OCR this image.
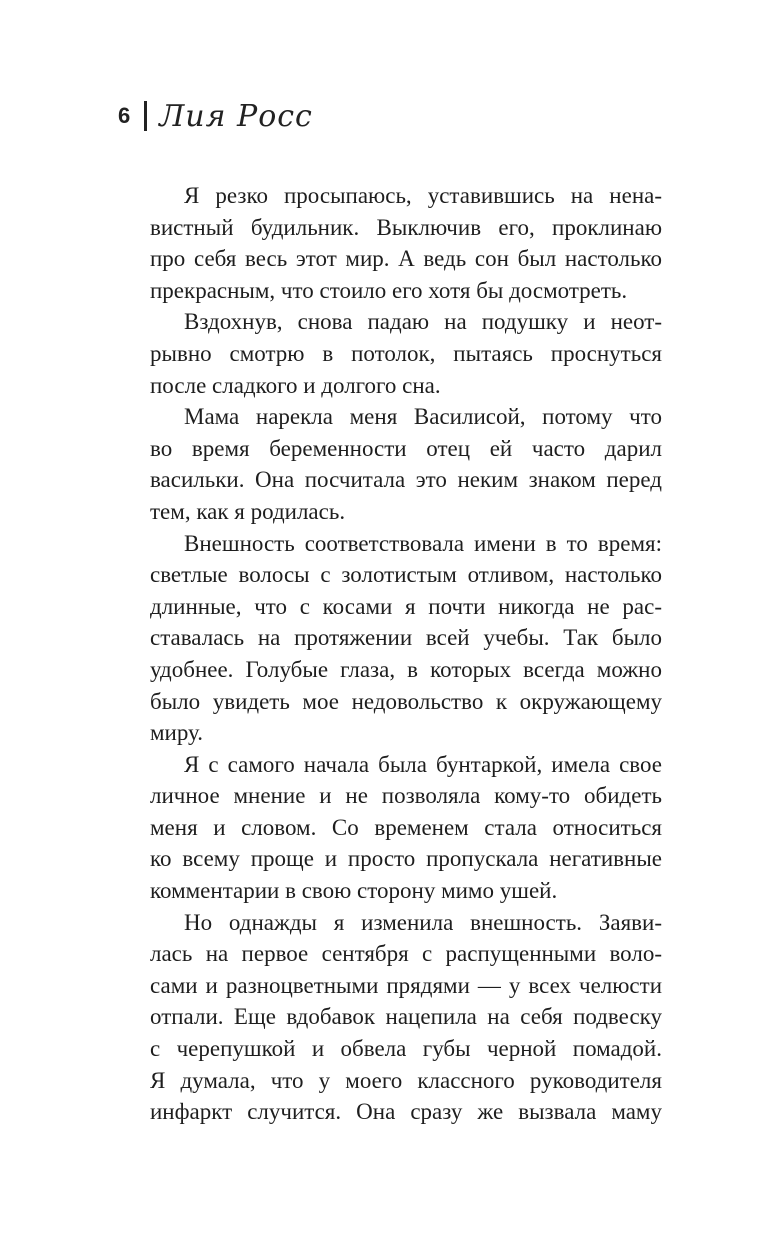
6 Лия Росс
Я резко просыпаюсь, уставившись на нена-
вистный будильник. Выключив его, проклинаю
про себя весь этот мир. А ведь сон был настолько
прекрасным, что стоило его хотя бы досмотреть.
Вздохнув, снова падаю на подушку и неот-
рывно смотрю в потолок, пытаясь проснуться
после сладкого и долгого сна.
Мама нарекла меня Василисой, потому что
во время беременности отец ей часто дарил
васильки. Она посчитала это неким знаком перед
тем, как я родилась.
Внешность соответствовала имени в то время:
светлые волосы с золотистым отливом, настолько
длинные, что с косами я почти никогда не рас-
ставалась на протяжении всей учебы. Так было
удобнее. Голубые глаза, в которых всегда можно
было увидеть мое недовольство к окружающему
миру.
Я с самого начала была бунтаркой, имела свое
личное мнение и не позволяла кому-то обидеть
меня и словом. Со временем стала относиться
ко всему проще и просто пропускала негативные
комментарии в свою сторону мимо ушей.
Но однажды я изменила внешность. Заяви-
лась на первое сентября с распущенными воло-
сами и разноцветными прядями — у всех челюсти
отпали. Еще вдобавок нацепила на себя подвеску
с черепушкой и обвела губы черной помадой.
Я думала, что у моего классного руководителя
инфаркт случится. Она сразу же вызвала маму
